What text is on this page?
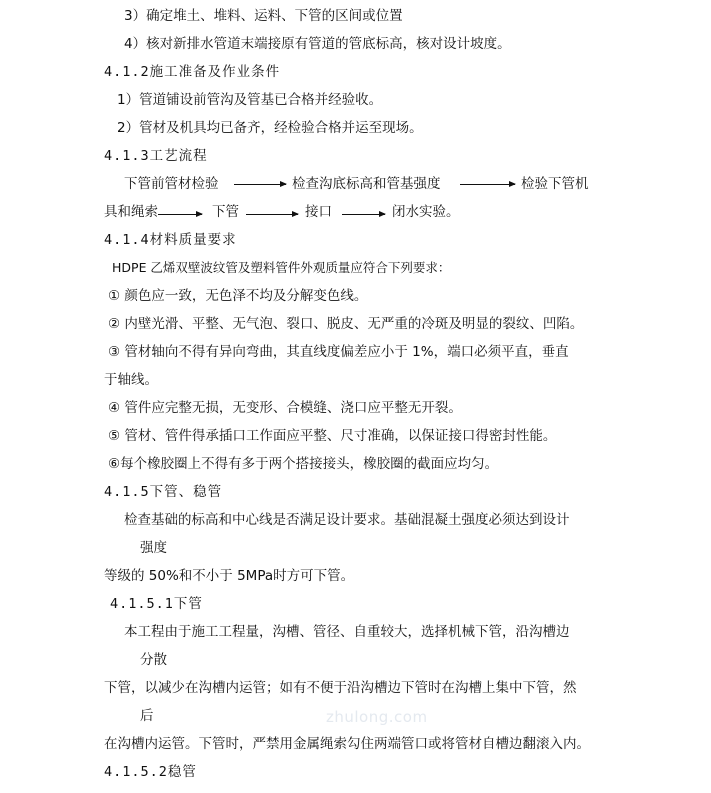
3）确定堆土、堆料、运料、下管的区间或位置
4）核对新排水管道末端接原有管道的管底标高，核对设计坡度。
4.1.2施工准备及作业条件
1）管道铺设前管沟及管基已合格并经验收。
2）管材及机具均已备齐，经检验合格并运至现场。
4.1.3工艺流程
下管前管材检验	检查沟底标高和管基强度	检验下管机
具和绳索	下管	接口	闭水实验。
4.1.4材料质量要求
HDPE 乙烯双壁波纹管及塑料管件外观质量应符合下列要求：
① 颜色应一致，无色泽不均及分解变色线。
② 内壁光滑、平整、无气泡、裂口、脱皮、无严重的冷斑及明显的裂纹、凹陷。
③ 管材轴向不得有异向弯曲，其直线度偏差应小于 1%，端口必须平直，垂直
于轴线。
④ 管件应完整无损，无变形、合模缝、浇口应平整无开裂。
⑤ 管材、管件得承插口工作面应平整、尺寸准确，以保证接口得密封性能。
⑥每个橡胶圈上不得有多于两个搭接接头，橡胶圈的截面应均匀。
4.1.5下管、稳管
检查基础的标高和中心线是否满足设计要求。基础混凝土强度必须达到设计
强度
等级的 50%和不小于 5MPa时方可下管。
4.1.5.1下管
本工程由于施工工程量，沟槽、管径、自重较大，选择机械下管，沿沟槽边
分散
下管，以减少在沟槽内运管；如有不便于沿沟槽边下管时在沟槽上集中下管，然
后
在沟槽内运管。下管时，严禁用金属绳索勾住两端管口或将管材自槽边翻滚入内。
4.1.5.2稳管
zhulong.com
